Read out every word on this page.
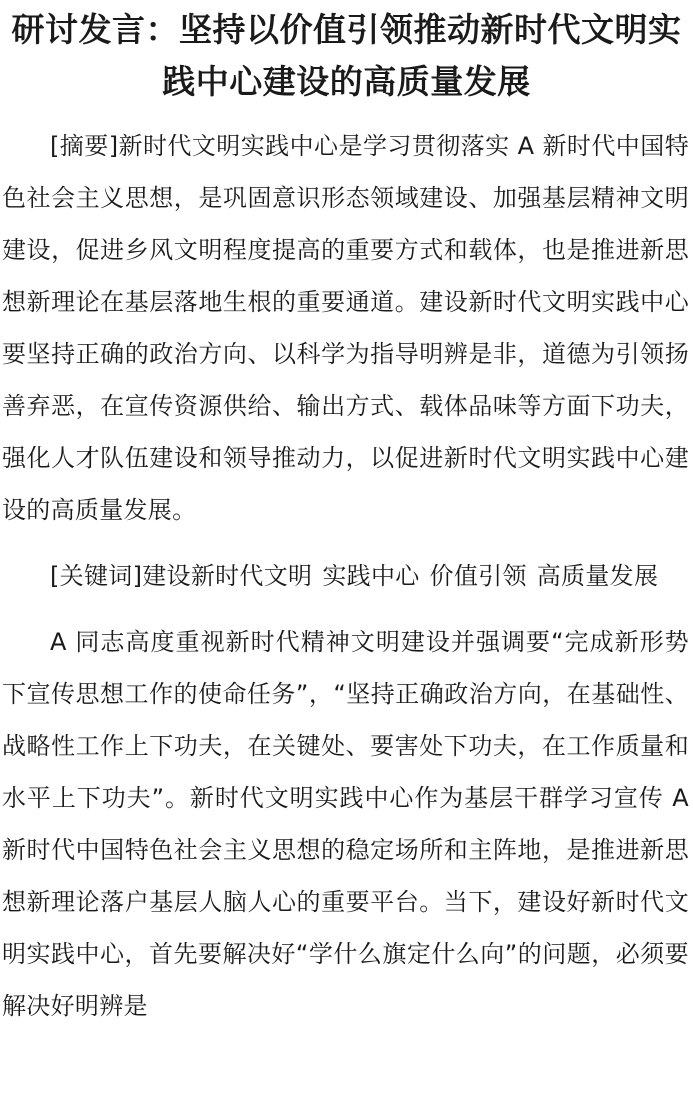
研讨发言：坚持以价值引领推动新时代文明实践中心建设的高质量发展

[摘要]新时代文明实践中心是学习贯彻落实 A 新时代中国特色社会主义思想，是巩固意识形态领域建设、加强基层精神文明建设，促进乡风文明程度提高的重要方式和载体，也是推进新思想新理论在基层落地生根的重要通道。建设新时代文明实践中心要坚持正确的政治方向、以科学为指导明辨是非，道德为引领扬善弃恶，在宣传资源供给、输出方式、载体品味等方面下功夫，强化人才队伍建设和领导推动力，以促进新时代文明实践中心建设的高质量发展。

[关键词]建设新时代文明 实践中心 价值引领 高质量发展

A 同志高度重视新时代精神文明建设并强调要“完成新形势下宣传思想工作的使命任务”，“坚持正确政治方向，在基础性、战略性工作上下功夫，在关键处、要害处下功夫，在工作质量和水平上下功夫”。新时代文明实践中心作为基层干群学习宣传 A 新时代中国特色社会主义思想的稳定场所和主阵地，是推进新思想新理论落户基层人脑人心的重要平台。当下，建设好新时代文明实践中心，首先要解决好“学什么旗定什么向”的问题，必须要解决好明辨是
